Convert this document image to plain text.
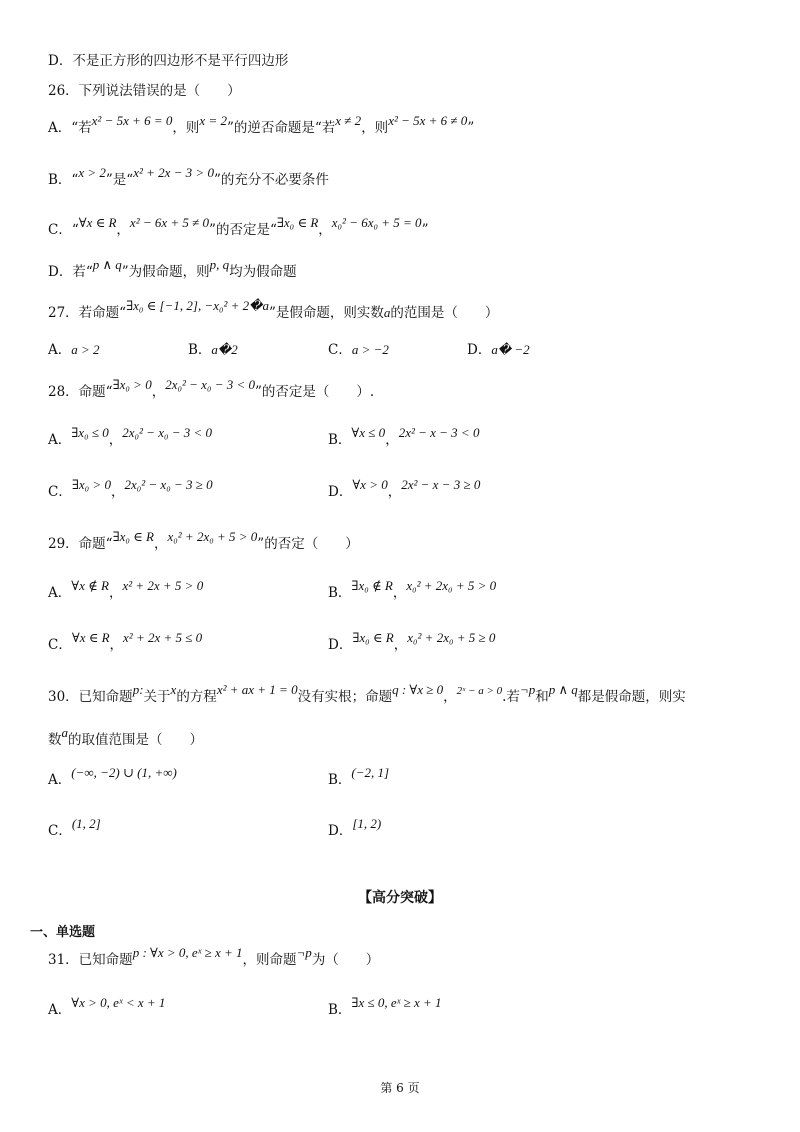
D．不是正方形的四边形不是平行四边形
26．下列说法错误的是（　　）
A．“若x² − 5x + 6 = 0，则x = 2”的逆否命题是“若x ≠ 2，则x² − 5x + 6 ≠ 0”
B．“x > 2”是“x² + 2x − 3 > 0”的充分不必要条件
C．“∀x ∈ R，x² − 6x + 5 ≠ 0”的否定是“∃x₀ ∈ R，x₀² − 6x₀ + 5 = 0”
D．若“p ∧ q”为假命题，则p, q均为假命题
27．若命题“∃x₀ ∈ [−1, 2], −x₀² + 2�a”是假命题，则实数a的范围是（　　）
A．a > 2	B．a�2	C．a > −2	D．a� −2
28．命题“∃x₀ > 0，2x₀² − x₀ − 3 < 0”的否定是（　　）.
A．∃x₀ ≤ 0，2x₀² − x₀ − 3 < 0	B．∀x ≤ 0，2x² − x − 3 < 0
C．∃x₀ > 0，2x₀² − x₀ − 3 ≥ 0	D．∀x > 0，2x² − x − 3 ≥ 0
29．命题“∃x₀ ∈ R，x₀² + 2x₀ + 5 > 0”的否定（　　）
A．∀x ∉ R，x² + 2x + 5 > 0	B．∃x₀ ∉ R，x₀² + 2x₀ + 5 > 0
C．∀x ∈ R，x² + 2x + 5 ≤ 0	D．∃x₀ ∈ R，x₀² + 2x₀ + 5 ≥ 0
30．已知命题p:关于x的方程x² + ax + 1 = 0没有实根；命题q : ∀x ≥ 0，$^{2ˣ - a > 0}$.若¬p和p ∧ q都是假命题，则实
数a的取值范围是（　　）
A．(−∞, −2) ∪ (1, +∞)	B．(−2, 1]
C．(1, 2]	D．[1, 2)
【高分突破】
一、单选题
31．已知命题p : ∀x > 0, eˣ ≥ x + 1，则命题¬p为（　　）
A．∀x > 0, eˣ < x + 1	B．∃x ≤ 0, eˣ ≥ x + 1
第 6 页
